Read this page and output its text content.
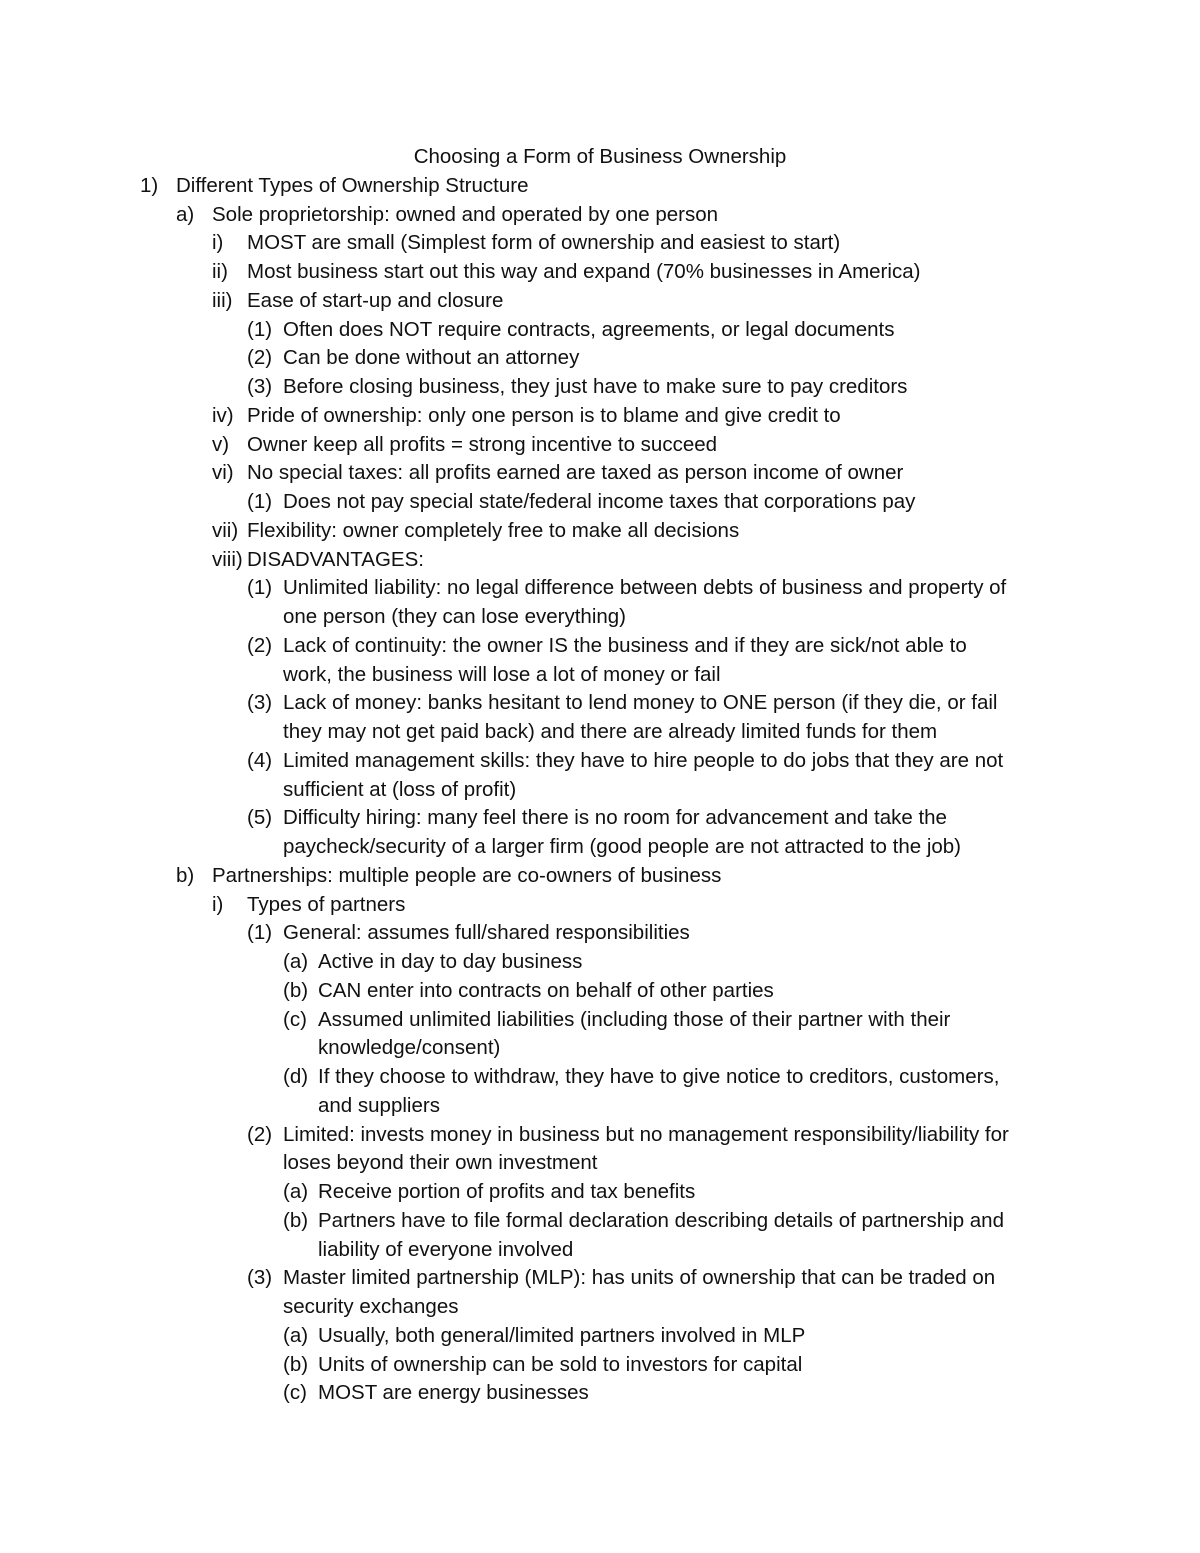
Choosing a Form of Business Ownership
1) Different Types of Ownership Structure
a) Sole proprietorship: owned and operated by one person
i) MOST are small (Simplest form of ownership and easiest to start)
ii) Most business start out this way and expand (70% businesses in America)
iii) Ease of start-up and closure
(1) Often does NOT require contracts, agreements, or legal documents
(2) Can be done without an attorney
(3) Before closing business, they just have to make sure to pay creditors
iv) Pride of ownership: only one person is to blame and give credit to
v) Owner keep all profits = strong incentive to succeed
vi) No special taxes: all profits earned are taxed as person income of owner
(1) Does not pay special state/federal income taxes that corporations pay
vii) Flexibility: owner completely free to make all decisions
viii) DISADVANTAGES:
(1) Unlimited liability: no legal difference between debts of business and property of
one person (they can lose everything)
(2) Lack of continuity: the owner IS the business and if they are sick/not able to
work, the business will lose a lot of money or fail
(3) Lack of money: banks hesitant to lend money to ONE person (if they die, or fail
they may not get paid back) and there are already limited funds for them
(4) Limited management skills: they have to hire people to do jobs that they are not
sufficient at (loss of profit)
(5) Difficulty hiring: many feel there is no room for advancement and take the
paycheck/security of a larger firm (good people are not attracted to the job)
b) Partnerships: multiple people are co-owners of business
i) Types of partners
(1) General: assumes full/shared responsibilities
(a) Active in day to day business
(b) CAN enter into contracts on behalf of other parties
(c) Assumed unlimited liabilities (including those of their partner with their
knowledge/consent)
(d) If they choose to withdraw, they have to give notice to creditors, customers,
and suppliers
(2) Limited: invests money in business but no management responsibility/liability for
loses beyond their own investment
(a) Receive portion of profits and tax benefits
(b) Partners have to file formal declaration describing details of partnership and
liability of everyone involved
(3) Master limited partnership (MLP): has units of ownership that can be traded on
security exchanges
(a) Usually, both general/limited partners involved in MLP
(b) Units of ownership can be sold to investors for capital
(c) MOST are energy businesses
